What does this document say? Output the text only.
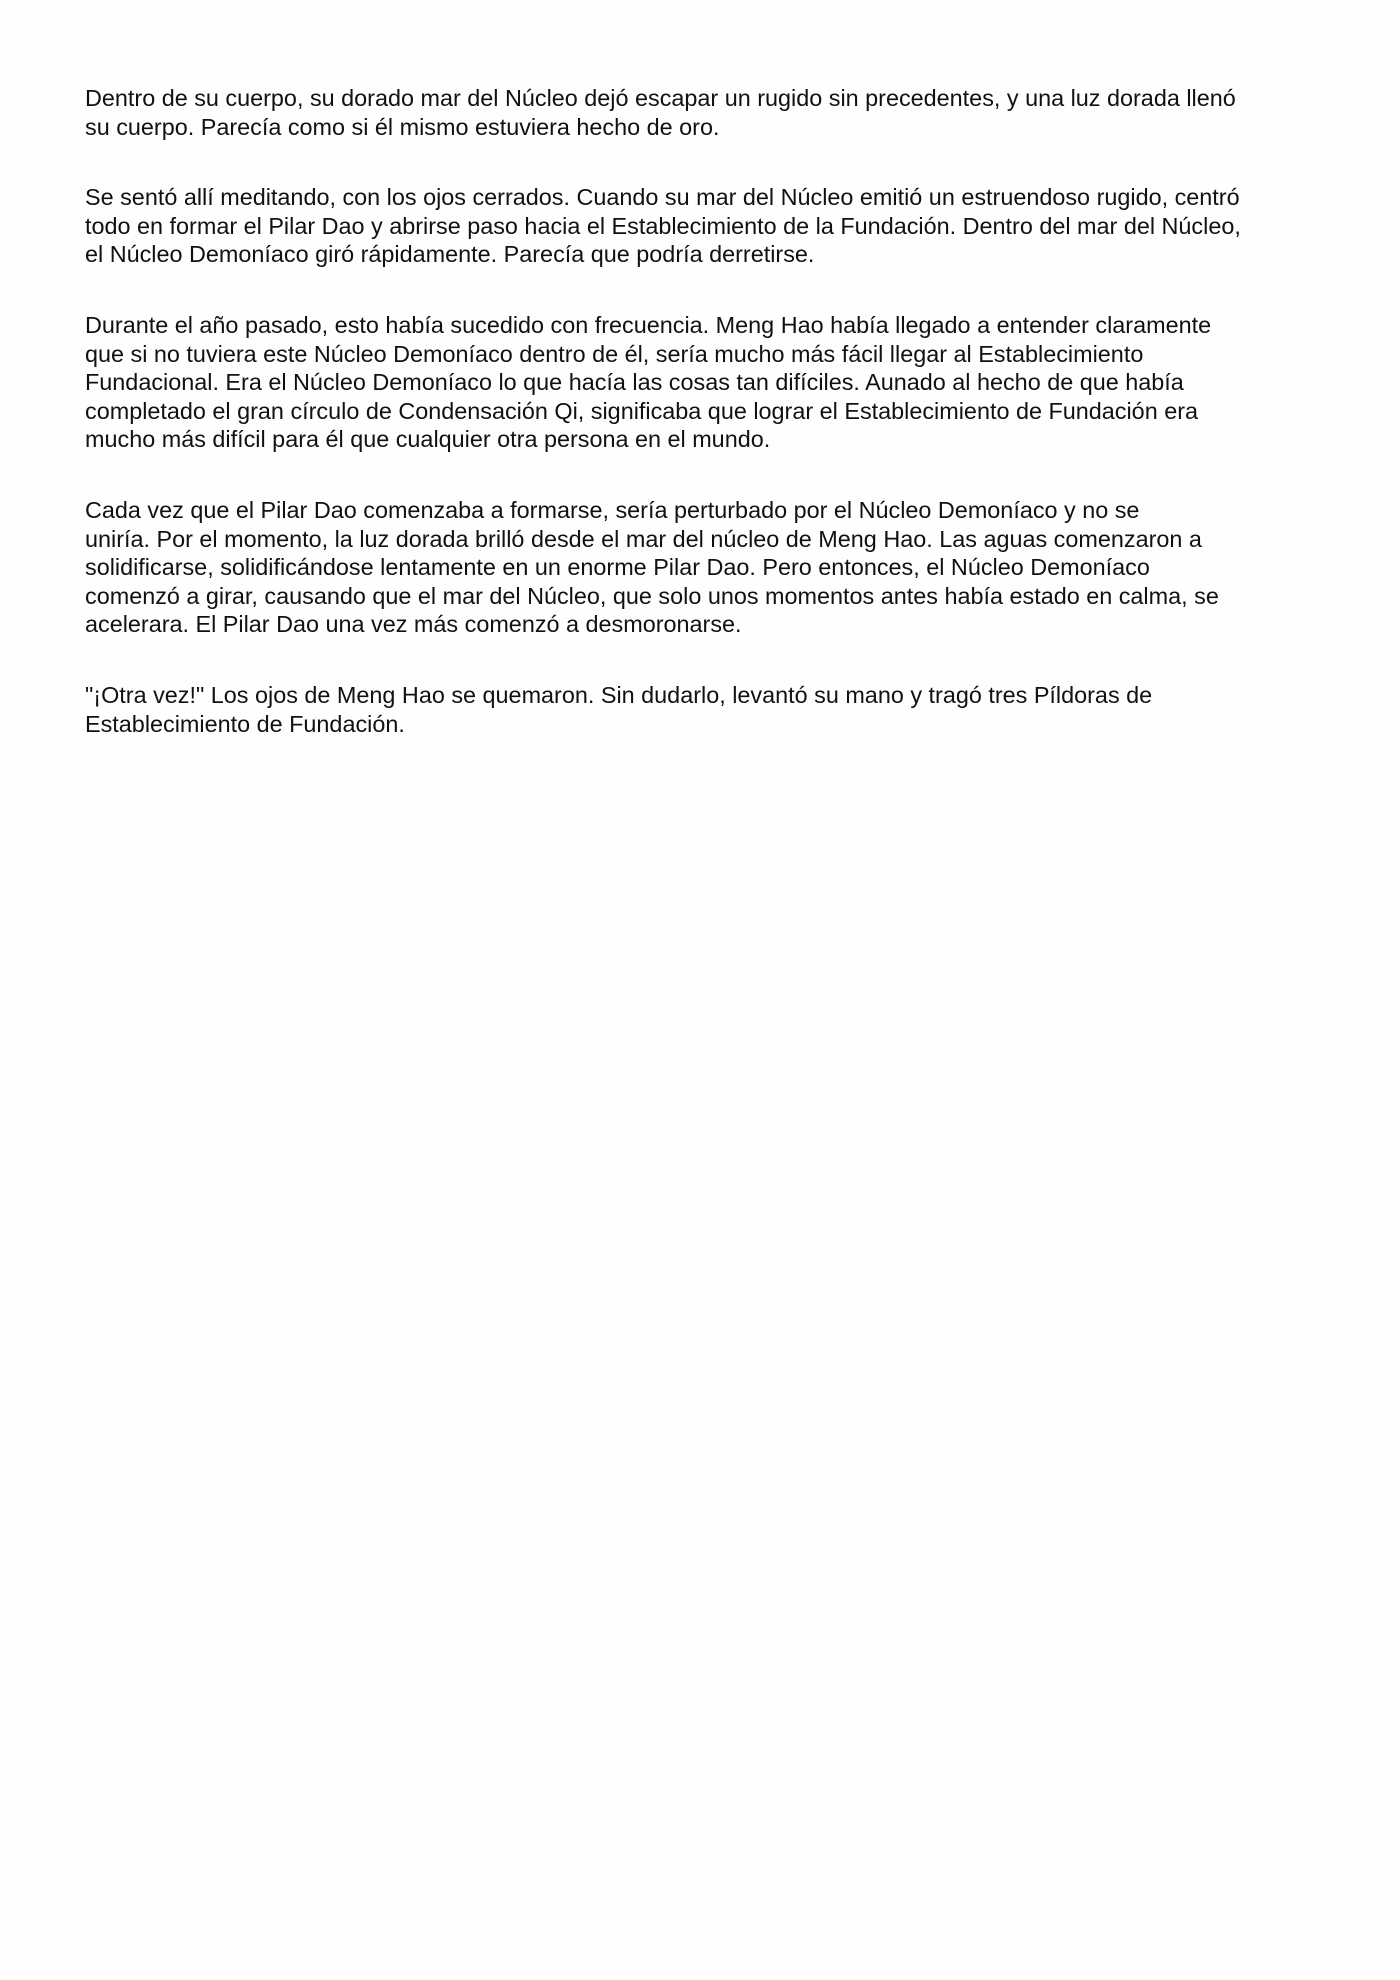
Dentro de su cuerpo, su dorado mar del Núcleo dejó escapar un rugido sin precedentes, y una luz dorada llenó
su cuerpo. Parecía como si él mismo estuviera hecho de oro.

Se sentó allí meditando, con los ojos cerrados. Cuando su mar del Núcleo emitió un estruendoso rugido, centró
todo en formar el Pilar Dao y abrirse paso hacia el Establecimiento de la Fundación. Dentro del mar del Núcleo,
el Núcleo Demoníaco giró rápidamente. Parecía que podría derretirse.

Durante el año pasado, esto había sucedido con frecuencia. Meng Hao había llegado a entender claramente
que si no tuviera este Núcleo Demoníaco dentro de él, sería mucho más fácil llegar al Establecimiento
Fundacional. Era el Núcleo Demoníaco lo que hacía las cosas tan difíciles. Aunado al hecho de que había
completado el gran círculo de Condensación Qi, significaba que lograr el Establecimiento de Fundación era
mucho más difícil para él que cualquier otra persona en el mundo.

Cada vez que el Pilar Dao comenzaba a formarse, sería perturbado por el Núcleo Demoníaco y no se
uniría. Por el momento, la luz dorada brilló desde el mar del núcleo de Meng Hao. Las aguas comenzaron a
solidificarse, solidificándose lentamente en un enorme Pilar Dao. Pero entonces, el Núcleo Demoníaco
comenzó a girar, causando que el mar del Núcleo, que solo unos momentos antes había estado en calma, se
acelerara. El Pilar Dao una vez más comenzó a desmoronarse.

"¡Otra vez!" Los ojos de Meng Hao se quemaron. Sin dudarlo, levantó su mano y tragó tres Píldoras de
Establecimiento de Fundación.
